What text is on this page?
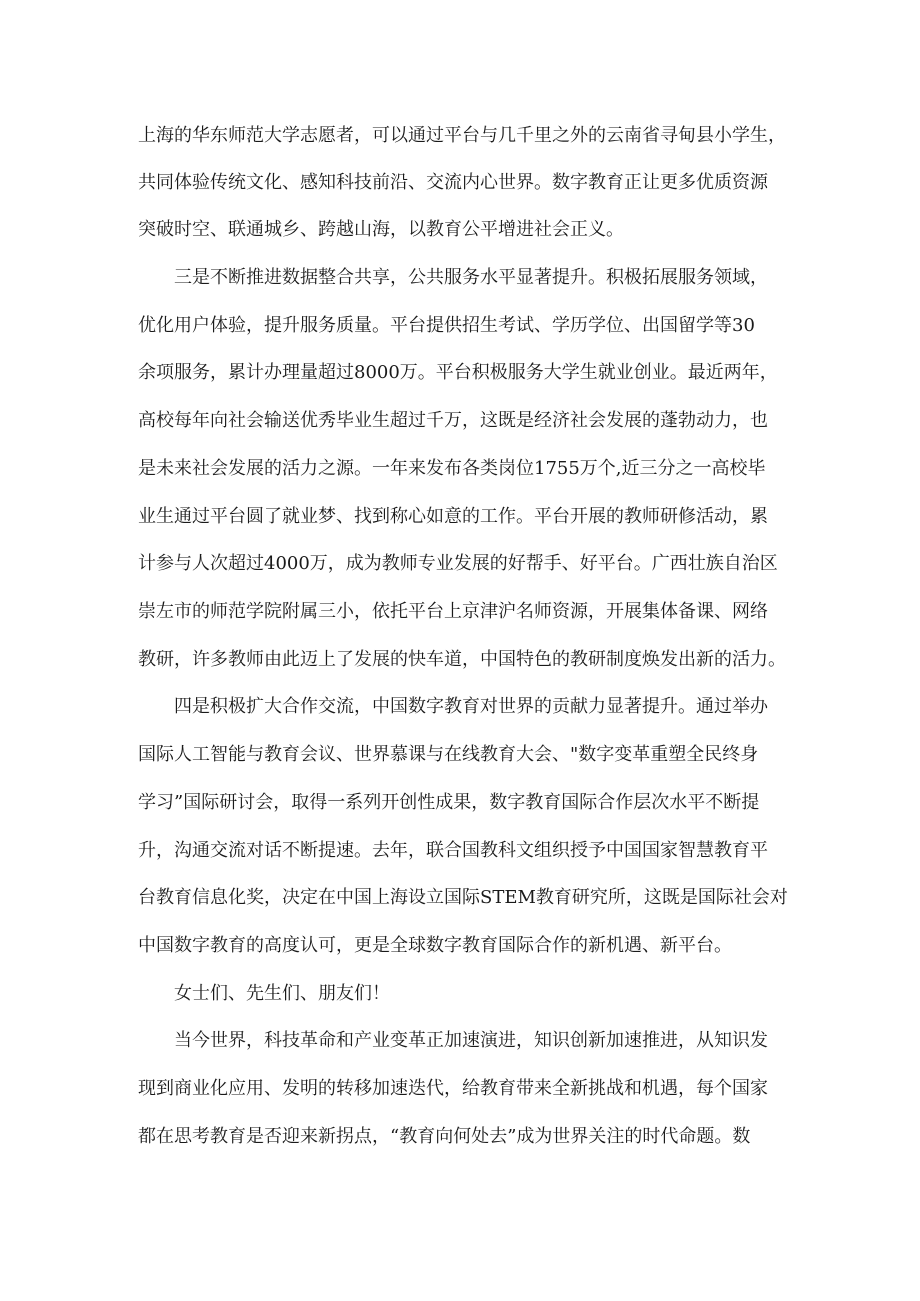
上海的华东师范大学志愿者，可以通过平台与几千里之外的云南省寻甸县小学生，
共同体验传统文化、感知科技前沿、交流内心世界。数字教育正让更多优质资源
突破时空、联通城乡、跨越山海，以教育公平增进社会正义。
三是不断推进数据整合共享，公共服务水平显著提升。积极拓展服务领域，
优化用户体验，提升服务质量。平台提供招生考试、学历学位、出国留学等30
余项服务，累计办理量超过8000万。平台积极服务大学生就业创业。最近两年，
高校每年向社会输送优秀毕业生超过千万，这既是经济社会发展的蓬勃动力，也
是未来社会发展的活力之源。一年来发布各类岗位1755万个,近三分之一高校毕
业生通过平台圆了就业梦、找到称心如意的工作。平台开展的教师研修活动，累
计参与人次超过4000万，成为教师专业发展的好帮手、好平台。广西壮族自治区
崇左市的师范学院附属三小，依托平台上京津沪名师资源，开展集体备课、网络
教研，许多教师由此迈上了发展的快车道，中国特色的教研制度焕发出新的活力。
四是积极扩大合作交流，中国数字教育对世界的贡献力显著提升。通过举办
国际人工智能与教育会议、世界慕课与在线教育大会、"数字变革重塑全民终身
学习”国际研讨会，取得一系列开创性成果，数字教育国际合作层次水平不断提
升，沟通交流对话不断提速。去年，联合国教科文组织授予中国国家智慧教育平
台教育信息化奖，决定在中国上海设立国际STEM教育研究所，这既是国际社会对
中国数字教育的高度认可，更是全球数字教育国际合作的新机遇、新平台。
女士们、先生们、朋友们！
当今世界，科技革命和产业变革正加速演进，知识创新加速推进，从知识发
现到商业化应用、发明的转移加速迭代，给教育带来全新挑战和机遇，每个国家
都在思考教育是否迎来新拐点，“教育向何处去”成为世界关注的时代命题。数
